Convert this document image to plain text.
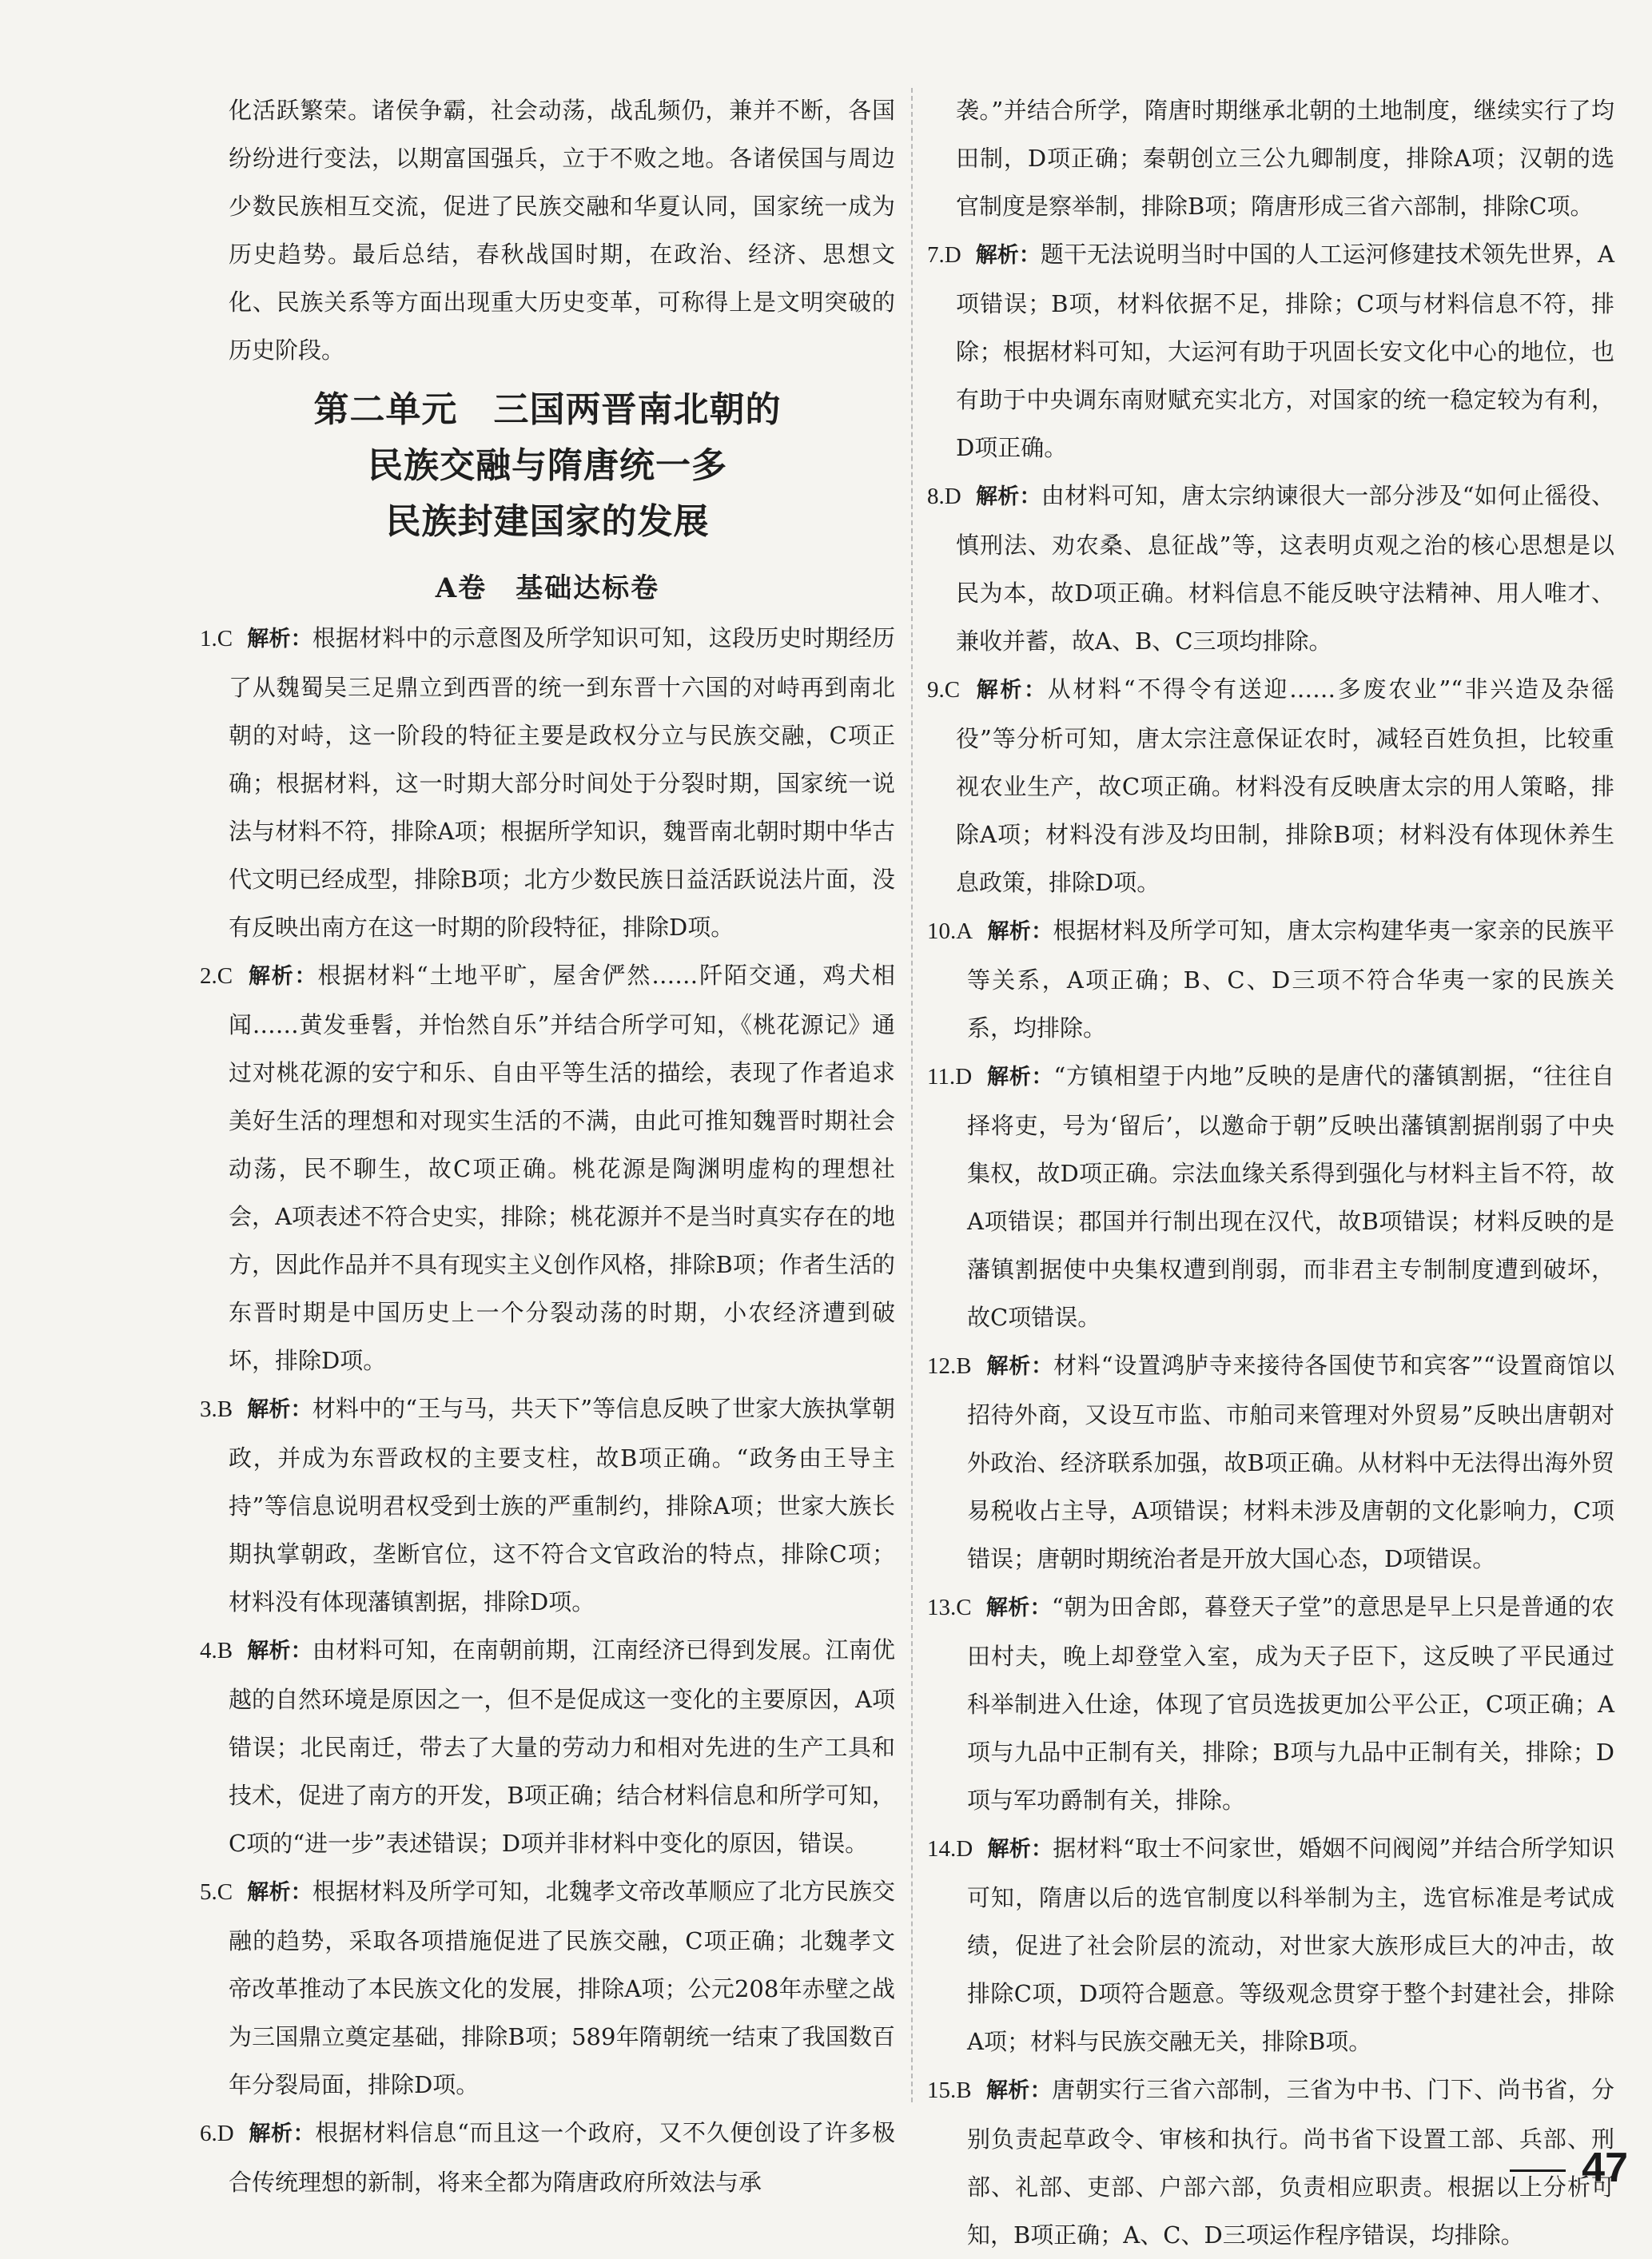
化活跃繁荣。诸侯争霸，社会动荡，战乱频仍，兼并不断，各国纷纷进行变法，以期富国强兵，立于不败之地。各诸侯国与周边少数民族相互交流，促进了民族交融和华夏认同，国家统一成为历史趋势。最后总结，春秋战国时期，在政治、经济、思想文化、民族关系等方面出现重大历史变革，可称得上是文明突破的历史阶段。

第二单元　三国两晋南北朝的

民族交融与隋唐统一多

民族封建国家的发展

A卷　基础达标卷

1.C 解析：根据材料中的示意图及所学知识可知，这段历史时期经历了从魏蜀吴三足鼎立到西晋的统一到东晋十六国的对峙再到南北朝的对峙，这一阶段的特征主要是政权分立与民族交融，C项正确；根据材料，这一时期大部分时间处于分裂时期，国家统一说法与材料不符，排除A项；根据所学知识，魏晋南北朝时期中华古代文明已经成型，排除B项；北方少数民族日益活跃说法片面，没有反映出南方在这一时期的阶段特征，排除D项。

2.C 解析：根据材料“土地平旷，屋舍俨然……阡陌交通，鸡犬相闻……黄发垂髫，并怡然自乐”并结合所学可知，《桃花源记》通过对桃花源的安宁和乐、自由平等生活的描绘，表现了作者追求美好生活的理想和对现实生活的不满，由此可推知魏晋时期社会动荡，民不聊生，故C项正确。桃花源是陶渊明虚构的理想社会，A项表述不符合史实，排除；桃花源并不是当时真实存在的地方，因此作品并不具有现实主义创作风格，排除B项；作者生活的东晋时期是中国历史上一个分裂动荡的时期，小农经济遭到破坏，排除D项。

3.B 解析：材料中的“王与马，共天下”等信息反映了世家大族执掌朝政，并成为东晋政权的主要支柱，故B项正确。“政务由王导主持”等信息说明君权受到士族的严重制约，排除A项；世家大族长期执掌朝政，垄断官位，这不符合文官政治的特点，排除C项；材料没有体现藩镇割据，排除D项。

4.B 解析：由材料可知，在南朝前期，江南经济已得到发展。江南优越的自然环境是原因之一，但不是促成这一变化的主要原因，A项错误；北民南迁，带去了大量的劳动力和相对先进的生产工具和技术，促进了南方的开发，B项正确；结合材料信息和所学可知，C项的“进一步”表述错误；D项并非材料中变化的原因，错误。

5.C 解析：根据材料及所学可知，北魏孝文帝改革顺应了北方民族交融的趋势，采取各项措施促进了民族交融，C项正确；北魏孝文帝改革推动了本民族文化的发展，排除A项；公元208年赤壁之战为三国鼎立奠定基础，排除B项；589年隋朝统一结束了我国数百年分裂局面，排除D项。

6.D 解析：根据材料信息“而且这一个政府，又不久便创设了许多极合传统理想的新制，将来全都为隋唐政府所效法与承

袭。”并结合所学，隋唐时期继承北朝的土地制度，继续实行了均田制，D项正确；秦朝创立三公九卿制度，排除A项；汉朝的选官制度是察举制，排除B项；隋唐形成三省六部制，排除C项。

7.D 解析：题干无法说明当时中国的人工运河修建技术领先世界，A项错误；B项，材料依据不足，排除；C项与材料信息不符，排除；根据材料可知，大运河有助于巩固长安文化中心的地位，也有助于中央调东南财赋充实北方，对国家的统一稳定较为有利，D项正确。

8.D 解析：由材料可知，唐太宗纳谏很大一部分涉及“如何止徭役、慎刑法、劝农桑、息征战”等，这表明贞观之治的核心思想是以民为本，故D项正确。材料信息不能反映守法精神、用人唯才、兼收并蓄，故A、B、C三项均排除。

9.C 解析：从材料“不得令有送迎……多废农业”“非兴造及杂徭役”等分析可知，唐太宗注意保证农时，减轻百姓负担，比较重视农业生产，故C项正确。材料没有反映唐太宗的用人策略，排除A项；材料没有涉及均田制，排除B项；材料没有体现休养生息政策，排除D项。

10.A 解析：根据材料及所学可知，唐太宗构建华夷一家亲的民族平等关系，A项正确；B、C、D三项不符合华夷一家的民族关系，均排除。

11.D 解析：“方镇相望于内地”反映的是唐代的藩镇割据，“往往自择将吏，号为‘留后’，以邀命于朝”反映出藩镇割据削弱了中央集权，故D项正确。宗法血缘关系得到强化与材料主旨不符，故A项错误；郡国并行制出现在汉代，故B项错误；材料反映的是藩镇割据使中央集权遭到削弱，而非君主专制制度遭到破坏，故C项错误。

12.B 解析：材料“设置鸿胪寺来接待各国使节和宾客”“设置商馆以招待外商，又设互市监、市舶司来管理对外贸易”反映出唐朝对外政治、经济联系加强，故B项正确。从材料中无法得出海外贸易税收占主导，A项错误；材料未涉及唐朝的文化影响力，C项错误；唐朝时期统治者是开放大国心态，D项错误。

13.C 解析：“朝为田舍郎，暮登天子堂”的意思是早上只是普通的农田村夫，晚上却登堂入室，成为天子臣下，这反映了平民通过科举制进入仕途，体现了官员选拔更加公平公正，C项正确；A项与九品中正制有关，排除；B项与九品中正制有关，排除；D项与军功爵制有关，排除。

14.D 解析：据材料“取士不问家世，婚姻不问阀阅”并结合所学知识可知，隋唐以后的选官制度以科举制为主，选官标准是考试成绩，促进了社会阶层的流动，对世家大族形成巨大的冲击，故排除C项，D项符合题意。等级观念贯穿于整个封建社会，排除A项；材料与民族交融无关，排除B项。

15.B 解析：唐朝实行三省六部制，三省为中书、门下、尚书省，分别负责起草政令、审核和执行。尚书省下设置工部、兵部、刑部、礼部、吏部、户部六部，负责相应职责。根据以上分析可知，B项正确；A、C、D三项运作程序错误，均排除。

47
